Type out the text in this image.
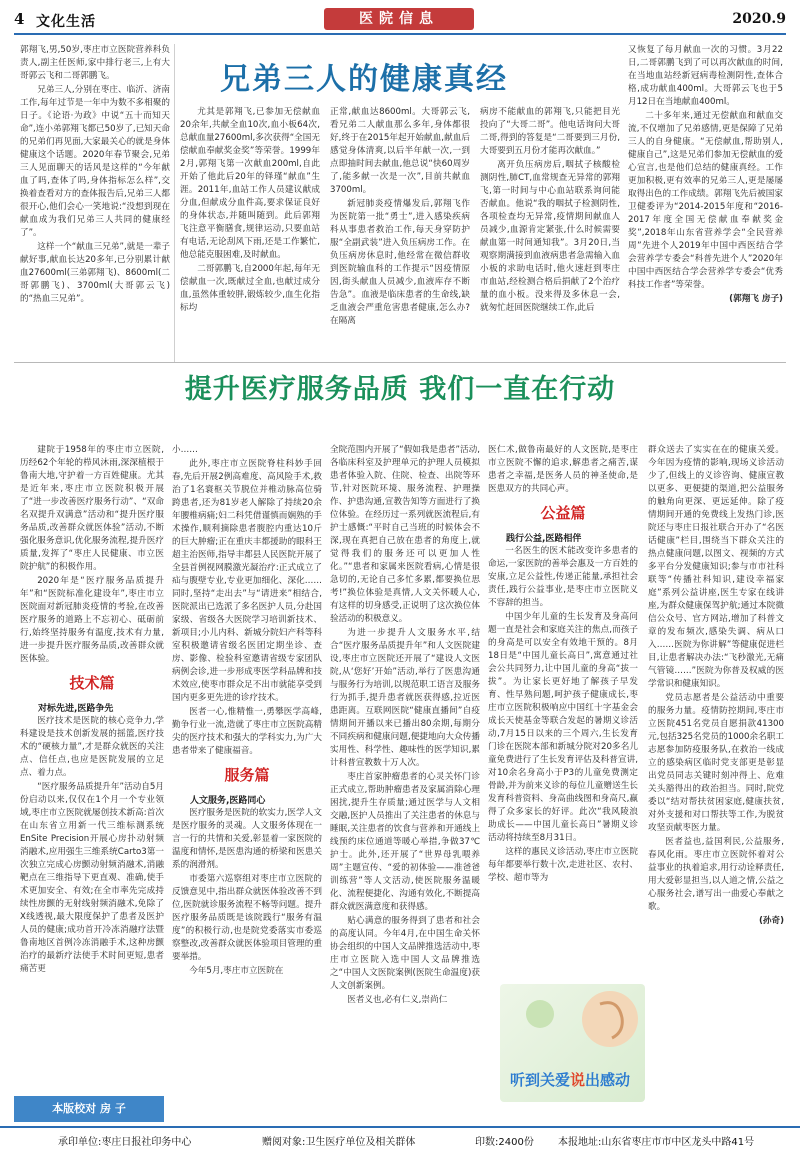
4 文化生活	医院信息	2020.9
兄弟三人的健康真经

郭翔飞,男,50岁,枣庄市立医院营养科负责人,副主任医师,家中排行老三,上有大哥郭云飞和二哥郭鹏飞。

兄弟三人,分别在枣庄、临沂、济南工作,每年过节是一年中为数不多相聚的日子。《论语·为政》中说“五十而知天命”,连小弟郭翔飞都已50岁了,已知天命的兄弟们再见面,大家最关心的就是身体健康这个话题。2020年春节聚会,兄弟三人见面聊天的话风是这样的“今年献血了吗,查体了吗,身体指标怎么样”,交换着查看对方的查体报告后,兄弟三人都很开心,他们会心一笑地说:“没想到现在献血成为我们兄弟三人共同的健康经了”。

这样一个“献血三兄弟”,就是一辈子献好事,献血长达20多年,已分别累计献血27600ml(三弟郭翔飞)、8600ml(二哥郭鹏飞)、3700ml(大哥郭云飞)的“热血三兄弟”。

尤其是郭翔飞,已参加无偿献血20余年,共献全血10次,血小板64次,总献血量27600ml,多次获得“全国无偿献血奉献奖金奖”等荣誉。1999年2月,郭翔飞第一次献血200ml,自此开始了他此后20年的铎瑾“献血”生涯。2011年,血站工作人员建议献成分血,但献成分血件高,要求保证良好的身体状态,并随叫随到。此后郭翔飞注意平衡膳食,规律运动,只要血站有电话,无论刮风下雨,还是工作繁忙,他总能克服困难,及时献血。

二哥郭鹏飞,自2000年起,每年无偿献血一次,既献过全血,也献过成分血,虽然体重较胖,锻炼较少,血生化指标均

正常,献血达8600ml。大哥郭云飞,看兄弟二人献血那么多年,身体都很好,终于在2015年起开始献血,献血后感觉身体清爽,以后半年献一次,一到点即抽时间去献血,他总说“快60周岁了,能多献一次是一次”,目前共献血3700ml。

新冠肺炎疫情爆发后,郭翔飞作为医院第一批“勇士”,进入感染疾病科从事患者救治工作,每天身穿防护服“全副武装”进入负压病房工作。在负压病房休息时,他经常在微信群收到医院输血科的工作提示“因疫情原因,街头献血人员减少,血液库存不断告急”。血液是临床患者的生命线,缺乏血液会严重危害患者健康,怎么办?在隔离

病房不能献血的郭翔飞,只能把目光投向了“大哥二哥”。他电话询问大哥二哥,得到的答复是“二哥要到三月份,大哥要到五月份才能再次献血。”

离开负压病房后,咽拭子核酸检测阴性,肺CT,血常规查无异常的郭翔飞,第一时间与中心血站联系询问能否献血。他说“我的咽拭子检测阴性,各项检查均无异常,疫情期间献血人员减少,血源肯定紧张,什么时候需要献血第一时间通知我”。3月20日,当观察期满接到血液病患者急需输入血小板的求助电话时,他火速赶到枣庄市血站,经检测合格后捐献了2个治疗量的血小板。没来得及多休息一会,就匆忙赶回医院继续工作,此后

又恢复了每月献血一次的习惯。3月22日,二哥郭鹏飞到了可以再次献血的时间,在当地血站经新冠病毒检测阴性,查体合格,成功献血400ml。大哥郭云飞也于5月12日在当地献血400ml。

二十多年来,通过无偿献血和献血交流,不仅增加了兄弟感情,更是保障了兄弟三人的自身健康。“无偿献血,帮助别人,健康自己”,这是兄弟们参加无偿献血的爱心宣言,也是他们总结的健康真经。工作更加积极,更有效率的兄弟三人,更是屡屡取得出色的工作成绩。郭翔飞先后被国家卫健委评为“2014-2015年度和“2016-2017年度全国无偿献血奉献奖金奖”,2018年山东省营养学会“全民营养周”先进个人2019年中国中西医结合学会营养学专委会“科普先进个人”2020年中国中西医结合学会营养学专委会“优秀科技工作者”等荣誉。

(郭翔飞 房子)

提升医疗服务品质 我们一直在行动

建院于1958年的枣庄市立医院,历经62个年轮的栉风沐雨,深深植根于鲁南大地,守护着一方百姓健康。尤其是近年来,枣庄市立医院积极开展了“进一步改善医疗服务行动”、“双命名双提升双满意”活动和“提升医疗服务品质,改善群众就医体验”活动,不断强化服务意识,优化服务流程,提升医疗质量,发挥了“枣庄人民健康、市立医院护航”的积极作用。

2020年是“医疗服务品质提升年”和“医院标准化建设年”,枣庄市立医院面对新冠肺炎疫情的考验,在改善医疗服务的道路上不忘初心、砥砺前行,始终坚持服务有温度,技术有力量,进一步提升医疗服务品质,改善群众就医体验。

技术篇

对标先进,医路争先

医疗技术是医院的核心竞争力,学科建设是技术创新发展的摇篮,医疗技术的“硬核力量”,才是群众就医的关注点、信任点,也应是医院发展的立足点、着力点。

“医疗服务品质提升年”活动自5月份启动以来,仅仅在1个月一个专业领域,枣庄市立医院就屡创技术新高:首次在山东省立用新一代三维标测系统EnSite Precision开展心房扑动射频消融术,应用强生三维系统Carto3第一次独立完成心房颤动射频消融术,消融靶点在三维指导下更直观、准确,使手术更加安全、有效;在全市率先完成持续性房颤的无射线射频消融术,免除了X线透视,最大限度保护了患者及医护人员的健康;成功首开冷冻消融疗法暨鲁南地区首例冷冻消融手术,这种房颤治疗的最新疗法使手术时间更短,患者痛苦更

本版校对 房 子

小……

此外,枣庄市立医院脊柱科妙手回春,先后开展2例高难度、高风险手术,救治了1名寰枢关节脱位并椎动脉高位骑跨患者,还为81岁老人解除了持续20余年腰椎病痛;妇二科凭借谨慎而娴熟的手术操作,顺利摘除患者腹腔内重达10斤的巨大肿瘤;正在重庆丰都援助的眼科王超主治医师,指导丰都县人民医院开展了全县首例视网膜激光凝治疗:正式成立了疝与腹壁专业,专业更加细化、深化……同时,坚持“走出去”与“请进来”相结合,医院派出已选派了多名医护人员,分赴国家级、省级各大医院学习培训新技术、新项目;小儿内科、新城分院妇产科等科室积极邀请省级名医团定期坐诊、查房、影像、检验科室邀请省级专家团队病例会诊,进一步形成枣医学科品牌和技术效应,使枣市群众足不出市就能享受到国内更多更先进的诊疗技术。

医者一心,惟精惟一,勇攀医学高峰,勤争行业一流,造就了枣庄市立医院高精尖的医疗技术和强大的学科实力,为广大患者带来了健康福音。

服务篇

人文服务,医路同心

医疗服务是医院的软实力,医学人文是医疗服务的灵魂。人文服务体现在一言一行的共情和关爱,彰显着一家医院的温度和情怀,是医患沟通的桥梁和医患关系的润滑剂。

市委第六巡察组对枣庄市立医院的反馈意见中,指出群众就医体验改善不到位,医院就诊服务流程不畅等问题。提升医疗服务品质既是该院践行“服务有温度”的积极行动,也是院党委落实市委巡察整改,改善群众就医体验项目管理的重要举措。

今年5月,枣庄市立医院在

全院范围内开展了“假如我是患者”活动,各临床科室及护理单元的护理人员模拟患者体验入院、住院、检查、出院等环节,针对医院环境、服务流程、护理操作、护患沟通,宣教告知等方面进行了换位体验。在经历过一系列就医流程后,有护士感慨:“平时自己当班的时候体会不深,现在真把自己放在患者的角度上,就觉得我们的服务还可以更加人性化。”“患者和家属来医院看病,心情是很急切的,无论自己多忙多累,都要换位思考!”换位体验是真情,人文关怀暖人心,有这样的切身感受,正说明了这次换位体验活动的积极意义。

为进一步提升人文服务水平,结合“医疗服务品质提升年”和人文医院建设,枣庄市立医院还开展了“建设人文医院,从‘您好’开始”活动,举行了医患沟通与服务行为培训,以规范职工语言及服务行为抓手,提升患者就医获得感,拉近医患距离。互联网医院“健康直播间”自疫情期间开播以来已播出80余期,每期分不同疾病和健康问题,便捷地向大众传播实用性、科学性、趣味性的医学知识,累计科普宣教数十万人次。

枣庄首家肿瘤患者的心灵关怀门诊正式成立,帮助肿瘤患者及家属消除心理困扰,提升生存质量;通过医学与人文相交融,医护人员推出了关注患者的休息与睡眠,关注患者的饮食与营养和开通线上线预约床位通道等暖心举措,争做37℃护士。此外,还开展了“世界母乳喂养周”主题宣传、“爱的初体验——准爸爸训练营”等人文活动,使医院服务温暖化、流程便捷化、沟通有效化,不断提高群众就医满意度和获得感。

贴心满意的服务得到了患者和社会的高度认同。今年4月,在中国生命关怀协会组织的中国人文品牌推选活动中,枣庄市立医院入选中国人文品牌推选之“中国人文医院案例(医院生命温度)获人文创新案例。

医者义也,必有仁义,崇尚仁

医仁术,做鲁南最好的人文医院,是枣庄市立医院不懈的追求,解患者之痛苦,谋患者之幸福,是医务人员的神圣使命,是医患双方的共同心声。

公益篇

践行公益,医路相伴

一名医生的医术能改变许多患者的命运,一家医院的善举会惠及一方百姓的安康,立足公益性,传递正能量,承担社会责任,践行公益事业,是枣庄市立医院义不容辞的担当。

中国少年儿童的生长发育及身高问题一直是社会和家庭关注的焦点,而孩子的身高是可以安全有效地干预的。8月18日是“中国儿童长高日”,寓意通过社会公共同努力,让中国儿童的身高“拔一拔”。为让家长更好地了解孩子早发育、性早熟问题,呵护孩子健康成长,枣庄市立医院积极响应中国红十字基金会成长天使基金等联合发起的暑期义诊活动,7月15日以来的三个周六,生长发育门诊在医院本部和新城分院对20多名儿童免费进行了生长发育评估及科普宣讲,对10余名身高小于P3的儿童免费测定骨龄,并为前来义诊的每位儿童赠送生长发育科普资料、身高曲线图和身高尺,赢得了众多家长的好评。此次“我风陵浪助成长——中国儿童长高日”暑期义诊活动将持续至8月31日。

这样的惠民义诊活动,枣庄市立医院每年都要举行数十次,走进社区、农村、学校、超市等为

听到关爱说出感动

群众送去了实实在在的健康关爱。今年因为疫情的影响,现场义诊活动少了,但线上的义诊咨询、健康宣教以更多、更便捷的渠道,把公益服务的触角向更深、更远延伸。除了疫情期间开通的免费线上发热门诊,医院还与枣庄日报社联合开办了“名医话健康”栏目,围绕当下群众关注的热点健康问题,以图文、视频的方式多平台分发健康知识;参与市市社科联等“传播社科知识,建设幸福家庭”系列公益讲座,医生专家在线讲座,为群众健康保驾护航;通过本院微信公众号、官方网站,增加了科普文章的发布频次,感染失调、病从口入……医院为你讲解”等健康促进栏目,让患者解决办法:“飞秒激光,无痛气管镜……”医院为你普及权威的医学常识和健康知识。

党员志愿者是公益活动中重要的服务力量。疫情防控期间,枣庄市立医院451名党员自愿捐款41300元,包括325名党员的1000余名职工志愿参加防疫服务队,在救治一线成立的感染病区临时党支部更是彰显出党员同志关键时刻冲得上、危难关头豁得出的政治担当。同时,院党委以“结对帮扶贫困家庭,健康扶贫,对外支援和对口帮扶等工作,为脱贫攻坚贡献枣医力量。

医者益也,益国利民,公益服务,春风化雨。枣庄市立医院怀着对公益事业的执着追求,用行动诠释责任,用大爱彰显担当,以人道之情,公益之心服务社会,谱写出一曲爱心奉献之歌。

(孙奇)

承印单位:枣庄日报社印务中心	赠阅对象:卫生医疗单位及相关群体	印数:2400份 本报地址:山东省枣庄市市中区龙头中路41号
